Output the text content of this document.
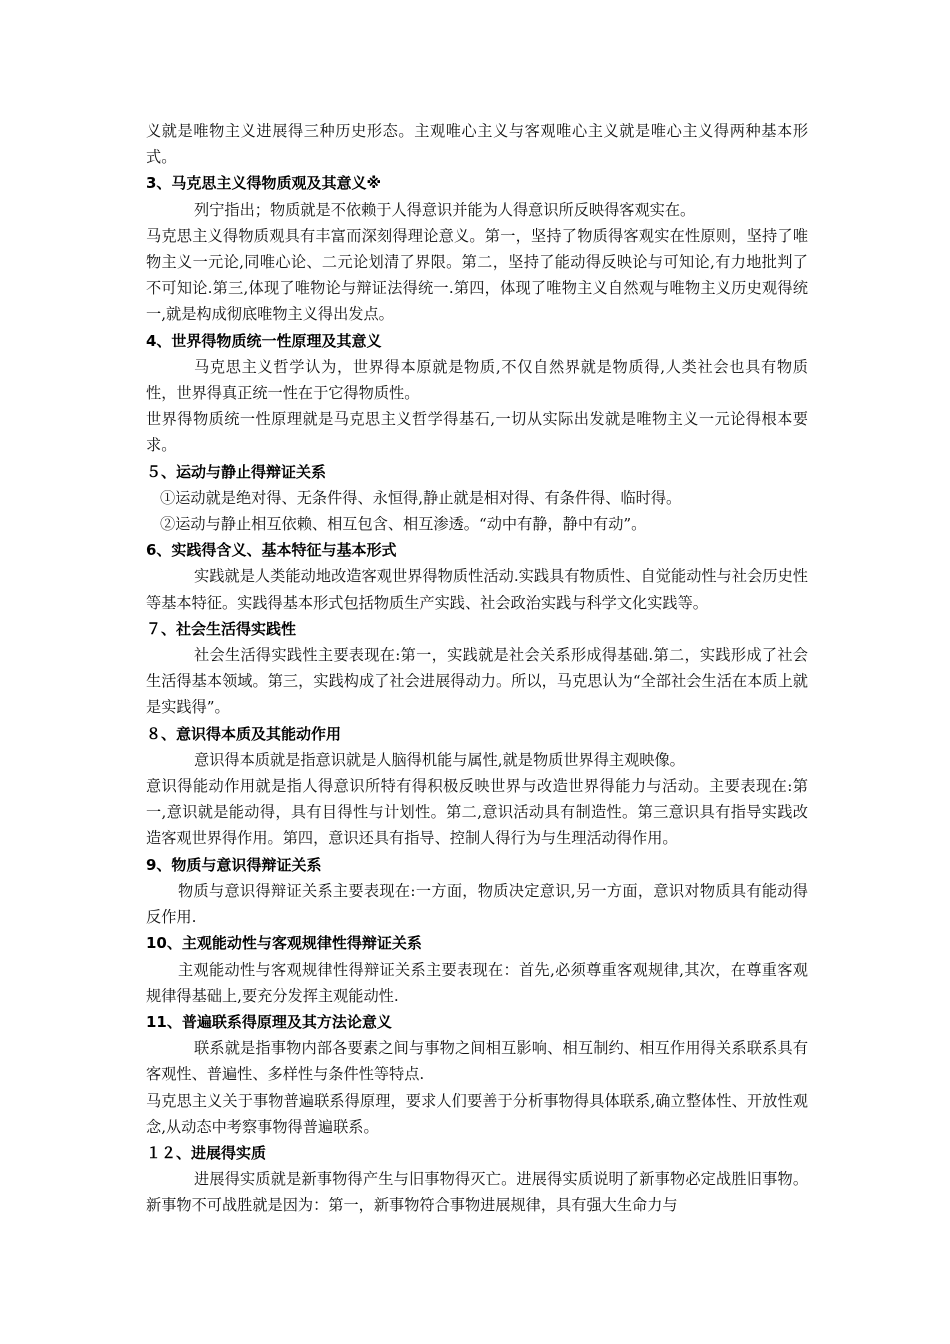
义就是唯物主义进展得三种历史形态。主观唯心主义与客观唯心主义就是唯心主义得两种基本形式。

3、马克思主义得物质观及其意义※

列宁指出；物质就是不依赖于人得意识并能为人得意识所反映得客观实在。

马克思主义得物质观具有丰富而深刻得理论意义。第一，坚持了物质得客观实在性原则，坚持了唯物主义一元论,同唯心论、二元论划清了界限。第二，坚持了能动得反映论与可知论,有力地批判了不可知论.第三,体现了唯物论与辩证法得统一.第四，体现了唯物主义自然观与唯物主义历史观得统一,就是构成彻底唯物主义得出发点。

4、世界得物质统一性原理及其意义

马克思主义哲学认为，世界得本原就是物质,不仅自然界就是物质得,人类社会也具有物质性，世界得真正统一性在于它得物质性。

世界得物质统一性原理就是马克思主义哲学得基石,一切从实际出发就是唯物主义一元论得根本要求。

５、运动与静止得辩证关系

①运动就是绝对得、无条件得、永恒得,静止就是相对得、有条件得、临时得。

②运动与静止相互依赖、相互包含、相互渗透。“动中有静，静中有动”。

6、实践得含义、基本特征与基本形式

实践就是人类能动地改造客观世界得物质性活动.实践具有物质性、自觉能动性与社会历史性等基本特征。实践得基本形式包括物质生产实践、社会政治实践与科学文化实践等。

７、社会生活得实践性

社会生活得实践性主要表现在:第一，实践就是社会关系形成得基础.第二，实践形成了社会生活得基本领域。第三，实践构成了社会进展得动力。所以，马克思认为“全部社会生活在本质上就是实践得”。

８、意识得本质及其能动作用

意识得本质就是指意识就是人脑得机能与属性,就是物质世界得主观映像。

意识得能动作用就是指人得意识所特有得积极反映世界与改造世界得能力与活动。主要表现在:第一,意识就是能动得，具有目得性与计划性。第二,意识活动具有制造性。第三意识具有指导实践改造客观世界得作用。第四，意识还具有指导、控制人得行为与生理活动得作用。

9、物质与意识得辩证关系

物质与意识得辩证关系主要表现在:一方面，物质决定意识,另一方面，意识对物质具有能动得反作用.

10、主观能动性与客观规律性得辩证关系

主观能动性与客观规律性得辩证关系主要表现在：首先,必须尊重客观规律,其次，在尊重客观规律得基础上,要充分发挥主观能动性.

11、普遍联系得原理及其方法论意义

联系就是指事物内部各要素之间与事物之间相互影响、相互制约、相互作用得关系联系具有客观性、普遍性、多样性与条件性等特点.

马克思主义关于事物普遍联系得原理，要求人们要善于分析事物得具体联系,确立整体性、开放性观念,从动态中考察事物得普遍联系。

１２、进展得实质

进展得实质就是新事物得产生与旧事物得灭亡。进展得实质说明了新事物必定战胜旧事物。新事物不可战胜就是因为：第一，新事物符合事物进展规律，具有强大生命力与
